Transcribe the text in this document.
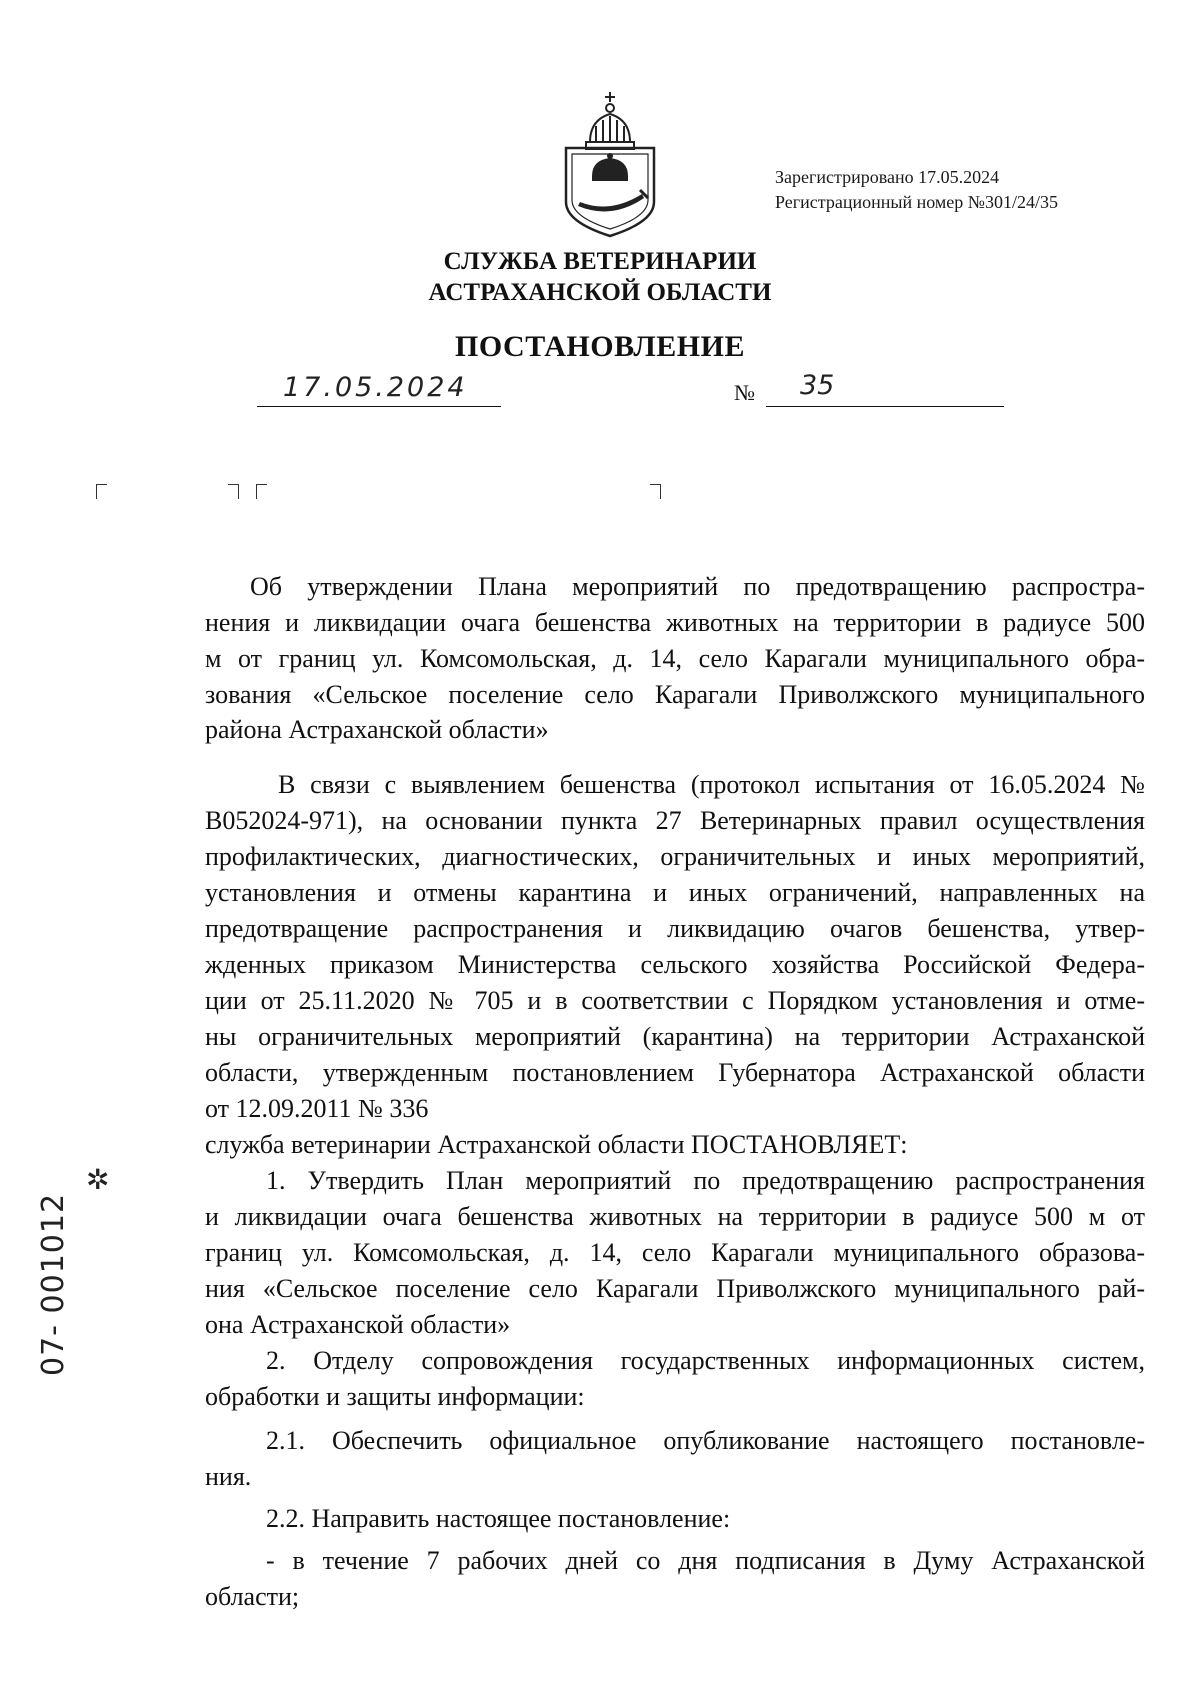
Зарегистрировано 17.05.2024
Регистрационный номер №301/24/35
СЛУЖБА ВЕТЕРИНАРИИ
АСТРАХАНСКОЙ ОБЛАСТИ
ПОСТАНОВЛЕНИЕ
17.05.2024	№ 35
Об утверждении Плана мероприятий по предотвращению распростра-
нения и ликвидации очага бешенства животных на территории в радиусе 500
м от границ ул. Комсомольская, д. 14, село Карагали муниципального обра-
зования «Сельское поселение село Карагали Приволжского муниципального
района Астраханской области»
В связи с выявлением бешенства (протокол испытания от 16.05.2024 №
В052024-971), на основании пункта 27 Ветеринарных правил осуществления
профилактических, диагностических, ограничительных и иных мероприятий,
установления и отмены карантина и иных ограничений, направленных на
предотвращение распространения и ликвидацию очагов бешенства, утвер-
жденных приказом Министерства сельского хозяйства Российской Федера-
ции от 25.11.2020 № 705 и в соответствии с Порядком установления и отме-
ны ограничительных мероприятий (карантина) на территории Астраханской
области, утвержденным постановлением Губернатора Астраханской области
от 12.09.2011 № 336
служба ветеринарии Астраханской области ПОСТАНОВЛЯЕТ:
1. Утвердить План мероприятий по предотвращению распространения
и ликвидации очага бешенства животных на территории в радиусе 500 м от
границ ул. Комсомольская, д. 14, село Карагали муниципального образова-
ния «Сельское поселение село Карагали Приволжского муниципального рай-
она Астраханской области»
2. Отделу сопровождения государственных информационных систем,
обработки и защиты информации:
2.1. Обеспечить официальное опубликование настоящего постановле-
ния.
2.2. Направить настоящее постановление:
- в течение 7 рабочих дней со дня подписания в Думу Астраханской
области;
✲
07- 001012
